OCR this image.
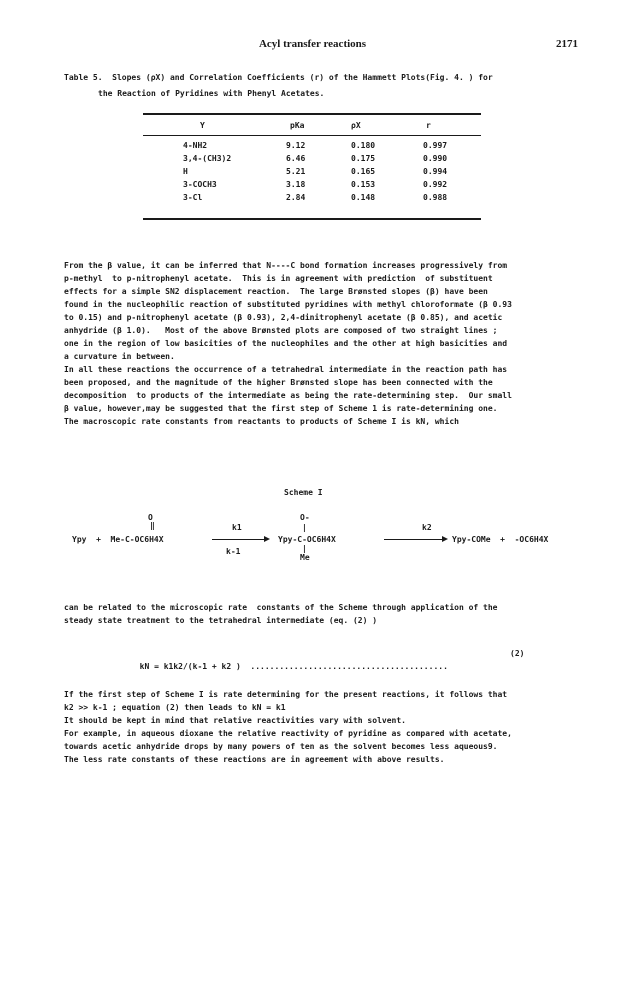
Acyl transfer reactions	2171
Table 5.  Slopes (ρX) and Correlation Coefficients (r) of the Hammett Plots(Fig. 4. ) for
the Reaction of Pyridines with Phenyl Acetates.
Y	pKa	ρX	r
4-NH2	9.12	0.180	0.997
3,4-(CH3)2	6.46	0.175	0.990
H	5.21	0.165	0.994
3-COCH3	3.18	0.153	0.992
3-Cl	2.84	0.148	0.988
From the β value, it can be inferred that N----C bond formation increases progressively from
p-methyl  to p-nitrophenyl acetate.  This is in agreement with prediction  of substituent
effects for a simple SN2 displacement reaction.  The large Brønsted slopes (β) have been
found in the nucleophilic reaction of substituted pyridines with methyl chloroformate (β 0.93
to 0.15) and p-nitrophenyl acetate (β 0.93), 2,4-dinitrophenyl acetate (β 0.85), and acetic
anhydride (β 1.0).   Most of the above Brønsted plots are composed of two straight lines ;
one in the region of low basicities of the nucleophiles and the other at high basicities and
a curvature in between.
In all these reactions the occurrence of a tetrahedral intermediate in the reaction path has
been proposed, and the magnitude of the higher Brønsted slope has been connected with the
decomposition  to products of the intermediate as being the rate-determining step.  Our small
β value, however,may be suggested that the first step of Scheme 1 is rate-determining one.
The macroscopic rate constants from reactants to products of Scheme I is kN, which
Scheme I
O
‖
Ypy  +  Me-C-OC6H4X
k1
k-1
O-
|
Ypy-C-OC6H4X
|
Me
k2
Ypy-COMe  +  -OC6H4X
can be related to the microscopic rate  constants of the Scheme through application of the
steady state treatment to the tetrahedral intermediate (eq. (2) )

kN = k1k2/(k-1 + k2 )  .........................................

(2)
If the first step of Scheme I is rate determining for the present reactions, it follows that
k2 >> k-1 ; equation (2) then leads to kN = k1
It should be kept in mind that relative reactivities vary with solvent.
For example, in aqueous dioxane the relative reactivity of pyridine as compared with acetate,
towards acetic anhydride drops by many powers of ten as the solvent becomes less aqueous9.
The less rate constants of these reactions are in agreement with above results.
